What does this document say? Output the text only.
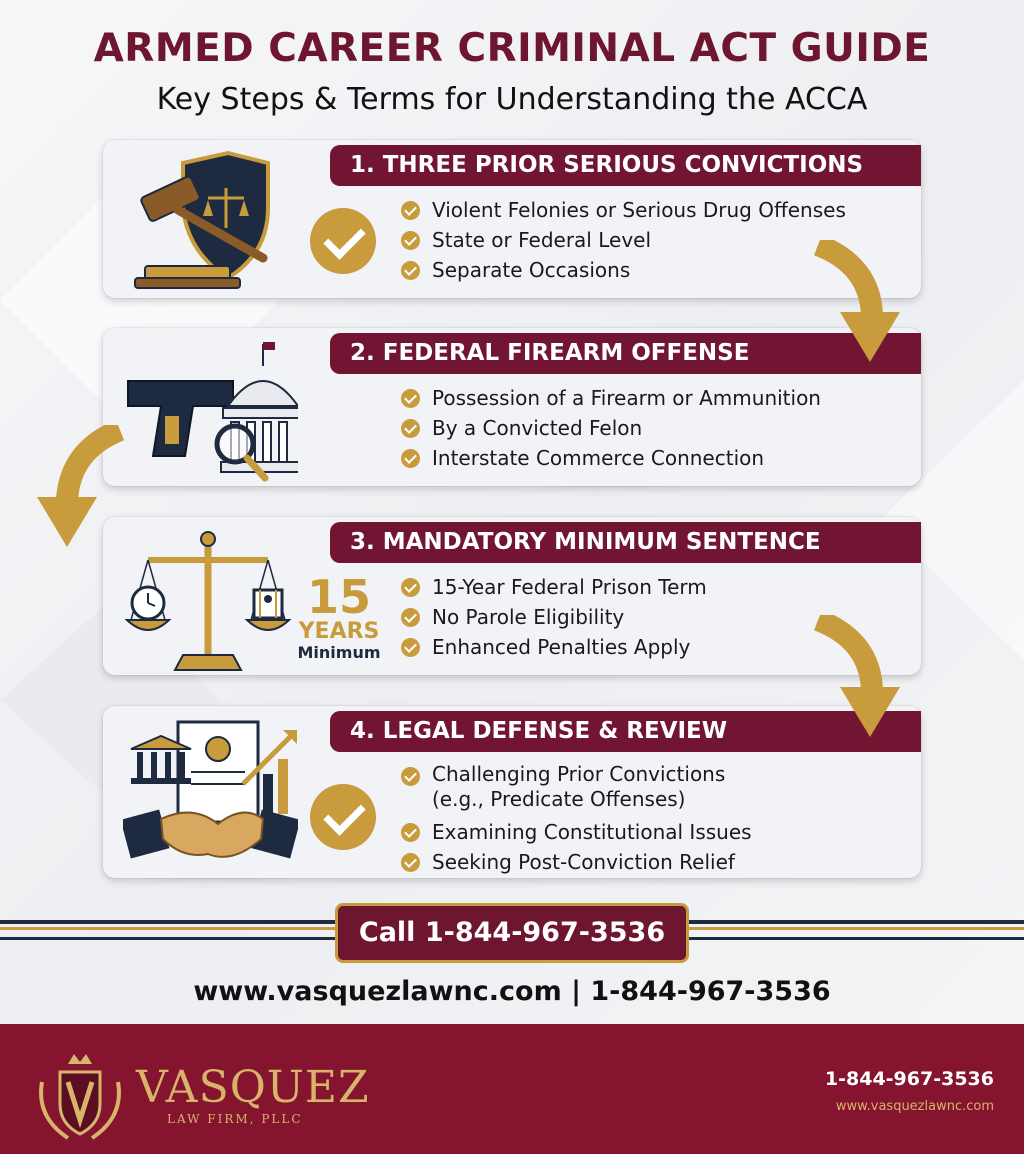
ARMED CAREER CRIMINAL ACT GUIDE
Key Steps & Terms for Understanding the ACCA
1. THREE PRIOR SERIOUS CONVICTIONS
Violent Felonies or Serious Drug Offenses
State or Federal Level
Separate Occasions
2. FEDERAL FIREARM OFFENSE
Possession of a Firearm or Ammunition
By a Convicted Felon
Interstate Commerce Connection
15
YEARS
Minimum
3. MANDATORY MINIMUM SENTENCE
15-Year Federal Prison Term
No Parole Eligibility
Enhanced Penalties Apply
4. LEGAL DEFENSE & REVIEW
Challenging Prior Convictions (e.g., Predicate Offenses)
Examining Constitutional Issues
Seeking Post-Conviction Relief
Call 1-844-967-3536
www.vasquezlawnc.com | 1-844-967-3536
VASQUEZ
LAW FIRM, PLLC
1-844-967-3536
www.vasquezlawnc.com
